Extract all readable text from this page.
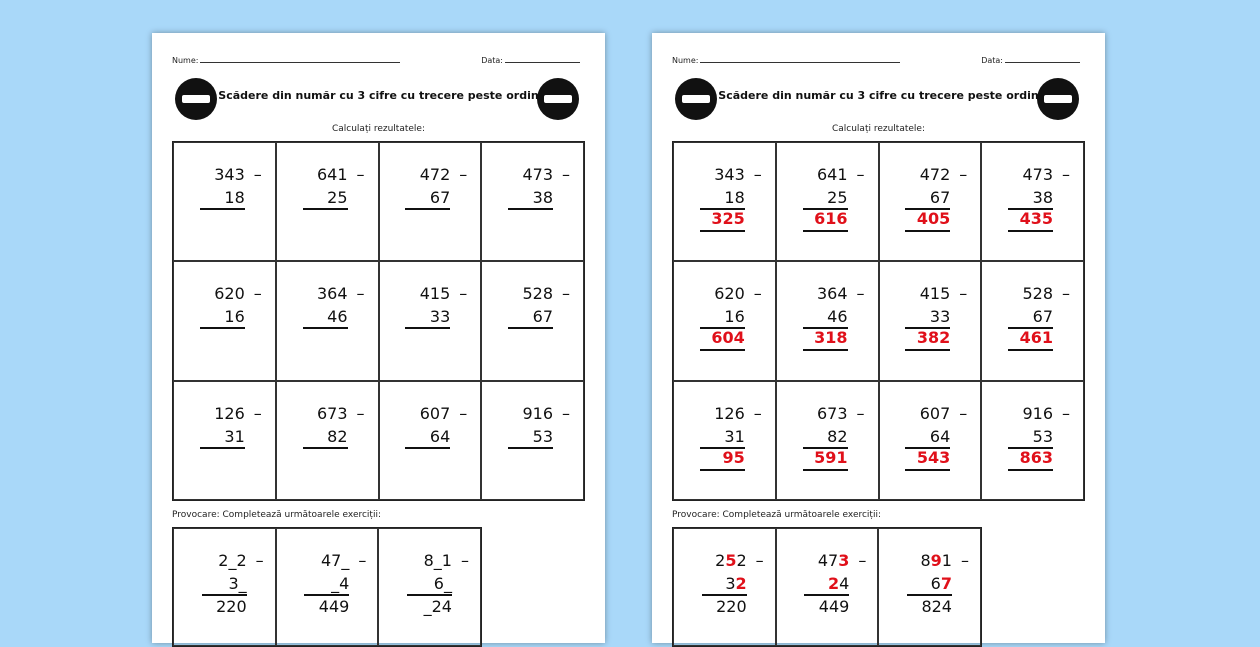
Nume:	Data:
Scădere din număr cu 3 cifre cu trecere peste ordin
Calculați rezultatele:
343 –
18
641 –
25
472 –
67
473 –
38
620 –
16
364 –
46
415 –
33
528 –
67
126 –
31
673 –
82
607 –
64
916 –
53
Provocare: Completează următoarele exerciții:
2_2 –
3_
220
47_ –
_4
449
8_1 –
6_
_24
Nume:	Data:
Scădere din număr cu 3 cifre cu trecere peste ordin
Calculați rezultatele:
343 –
18
325
641 –
25
616
472 –
67
405
473 –
38
435
620 –
16
604
364 –
46
318
415 –
33
382
528 –
67
461
126 –
31
95
673 –
82
591
607 –
64
543
916 –
53
863
Provocare: Completează următoarele exerciții:
252 –
32
220
473 –
24
449
891 –
67
824
